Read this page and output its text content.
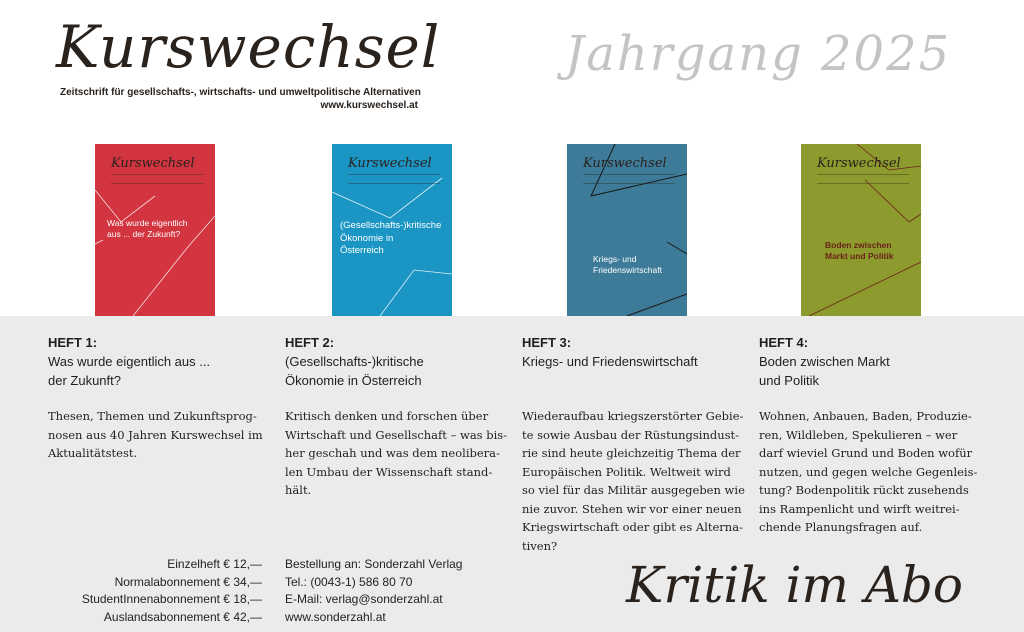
Kurswechsel
Zeitschrift für gesellschafts-, wirtschafts- und umweltpolitische Alternativen
www.kurswechsel.at
Jahrgang 2025
Kurswechsel
Was wurde eigentlich
aus ... der Zukunft?
Kurswechsel
(Gesellschafts-)kritische
Ökonomie in
Österreich
Kurswechsel
Kriegs- und
Friedenswirtschaft
Kurswechsel
Boden zwischen
Markt und Politik
HEFT 1:
Was wurde eigentlich aus ...
der Zukunft?
Thesen, Themen und Zukunftsprog-
nosen aus 40 Jahren Kurswechsel im
Aktualitätstest.
HEFT 2:
(Gesellschafts-)kritische
Ökonomie in Österreich
Kritisch denken und forschen über
Wirtschaft und Gesellschaft – was bis-
her geschah und was dem neolibera-
len Umbau der Wissenschaft stand-
hält.
HEFT 3:
Kriegs- und Friedenswirtschaft
Wiederaufbau kriegszerstörter Gebie-
te sowie Ausbau der Rüstungsindust-
rie sind heute gleichzeitig Thema der
Europäischen Politik. Weltweit wird
so viel für das Militär ausgegeben wie
nie zuvor. Stehen wir vor einer neuen
Kriegswirtschaft oder gibt es Alterna-
tiven?
HEFT 4:
Boden zwischen Markt
und Politik
Wohnen, Anbauen, Baden, Produzie-
ren, Wildleben, Spekulieren – wer
darf wieviel Grund und Boden wofür
nutzen, und gegen welche Gegenleis-
tung? Bodenpolitik rückt zusehends
ins Rampenlicht und wirft weitrei-
chende Planungsfragen auf.
Einzelheft € 12,—
Normalabonnement € 34,—
StudentInnenabonnement € 18,—
Auslandsabonnement € 42,—
Bestellung an: Sonderzahl Verlag
Tel.: (0043-1) 586 80 70
E-Mail: verlag@sonderzahl.at
www.sonderzahl.at
Kritik im Abo
